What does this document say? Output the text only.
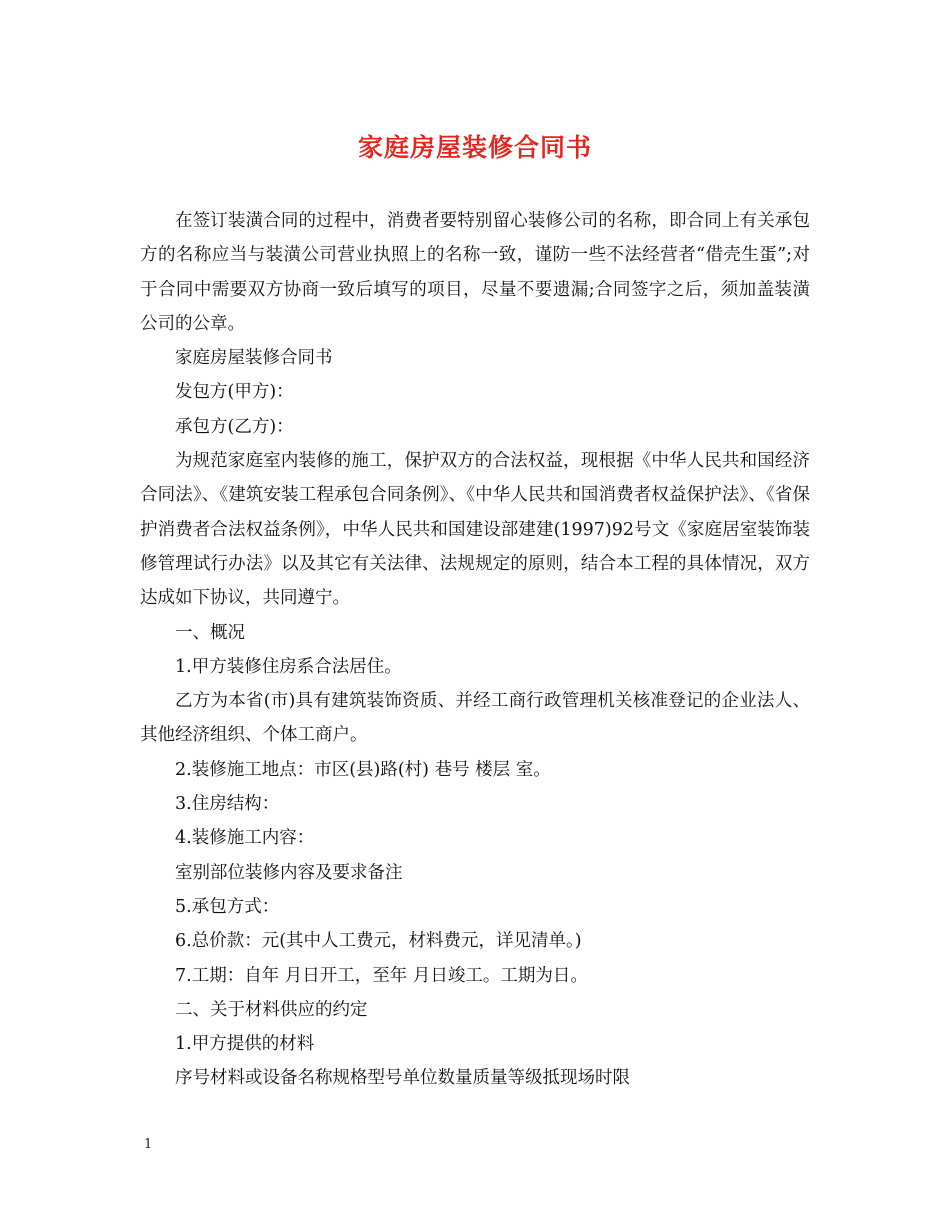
家庭房屋装修合同书

在签订装潢合同的过程中，消费者要特别留心装修公司的名称，即合同上有关承包方的名称应当与装潢公司营业执照上的名称一致，谨防一些不法经营者“借壳生蛋”;对于合同中需要双方协商一致后填写的项目，尽量不要遗漏;合同签字之后，须加盖装潢公司的公章。

家庭房屋装修合同书

发包方(甲方)：

承包方(乙方)：

为规范家庭室内装修的施工，保护双方的合法权益，现根据《中华人民共和国经济合同法》、《建筑安装工程承包合同条例》、《中华人民共和国消费者权益保护法》、《省保护消费者合法权益条例》，中华人民共和国建设部建建(1997)92号文《家庭居室装饰装修管理试行办法》以及其它有关法律、法规规定的原则，结合本工程的具体情况，双方达成如下协议，共同遵宁。

一、概况

1.甲方装修住房系合法居住。

乙方为本省(市)具有建筑装饰资质、并经工商行政管理机关核准登记的企业法人、其他经济组织、个体工商户。

2.装修施工地点：市区(县)路(村) 巷号 楼层 室。

3.住房结构：

4.装修施工内容：

室别部位装修内容及要求备注

5.承包方式：

6.总价款：元(其中人工费元，材料费元，详见清单。)

7.工期：自年 月日开工，至年 月日竣工。工期为日。

二、关于材料供应的约定

1.甲方提供的材料

序号材料或设备名称规格型号单位数量质量等级抵现场时限

1
